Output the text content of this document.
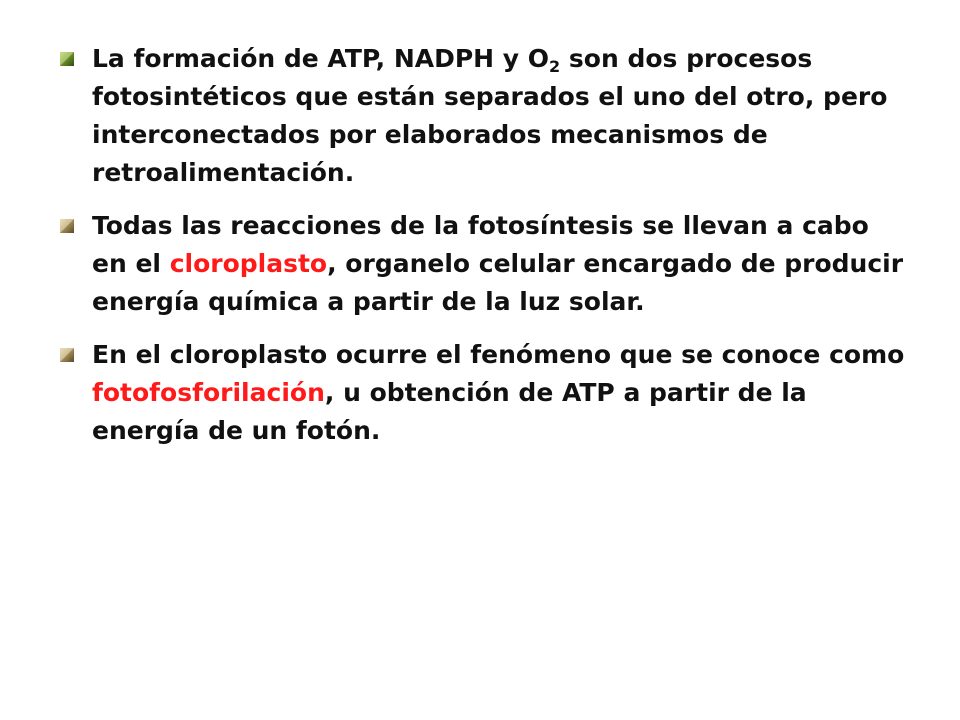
La formación de ATP, NADPH y $O_2$ son dos procesos fotosintéticos que están separados el uno del otro, pero interconectados por elaborados mecanismos de retroalimentación.
Todas las reacciones de la fotosíntesis se llevan a cabo en el cloroplasto, organelo celular encargado de producir energía química a partir de la luz solar.
En el cloroplasto ocurre el fenómeno que se conoce como fotofosforilación, u obtención de ATP a partir de la energía de un fotón.
